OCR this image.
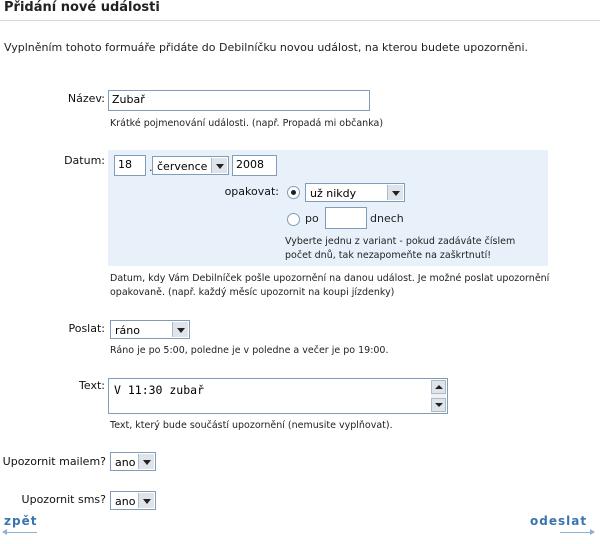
Přidání nové události
Vyplněním tohoto formuáře přidáte do Debilníčku novou událost, na kterou budete upozorněni.
Název: Zubař
Krátké pojmenování události. (např. Propadá mi občanka)
Datum:	18	. července	2008
opakovat:	už nikdy
po	dnech
Vyberte jednu z variant - pokud zadáváte číslem
počet dnů, tak nezapomeňte na zaškrtnutí!
Datum, kdy Vám Debilníček pošle upozornění na danou událost. Je možné poslat upozornění
opakovaně. (např. každý měsíc upozornit na koupi jízdenky)
Poslat: ráno
Ráno je po 5:00, poledne je v poledne a večer je po 19:00.
Text: V 11:30 zubař
Text, který bude součástí upozornění (nemusite vyplňovat).
Upozornit mailem? ano
Upozornit sms? ano
zpět	odeslat
